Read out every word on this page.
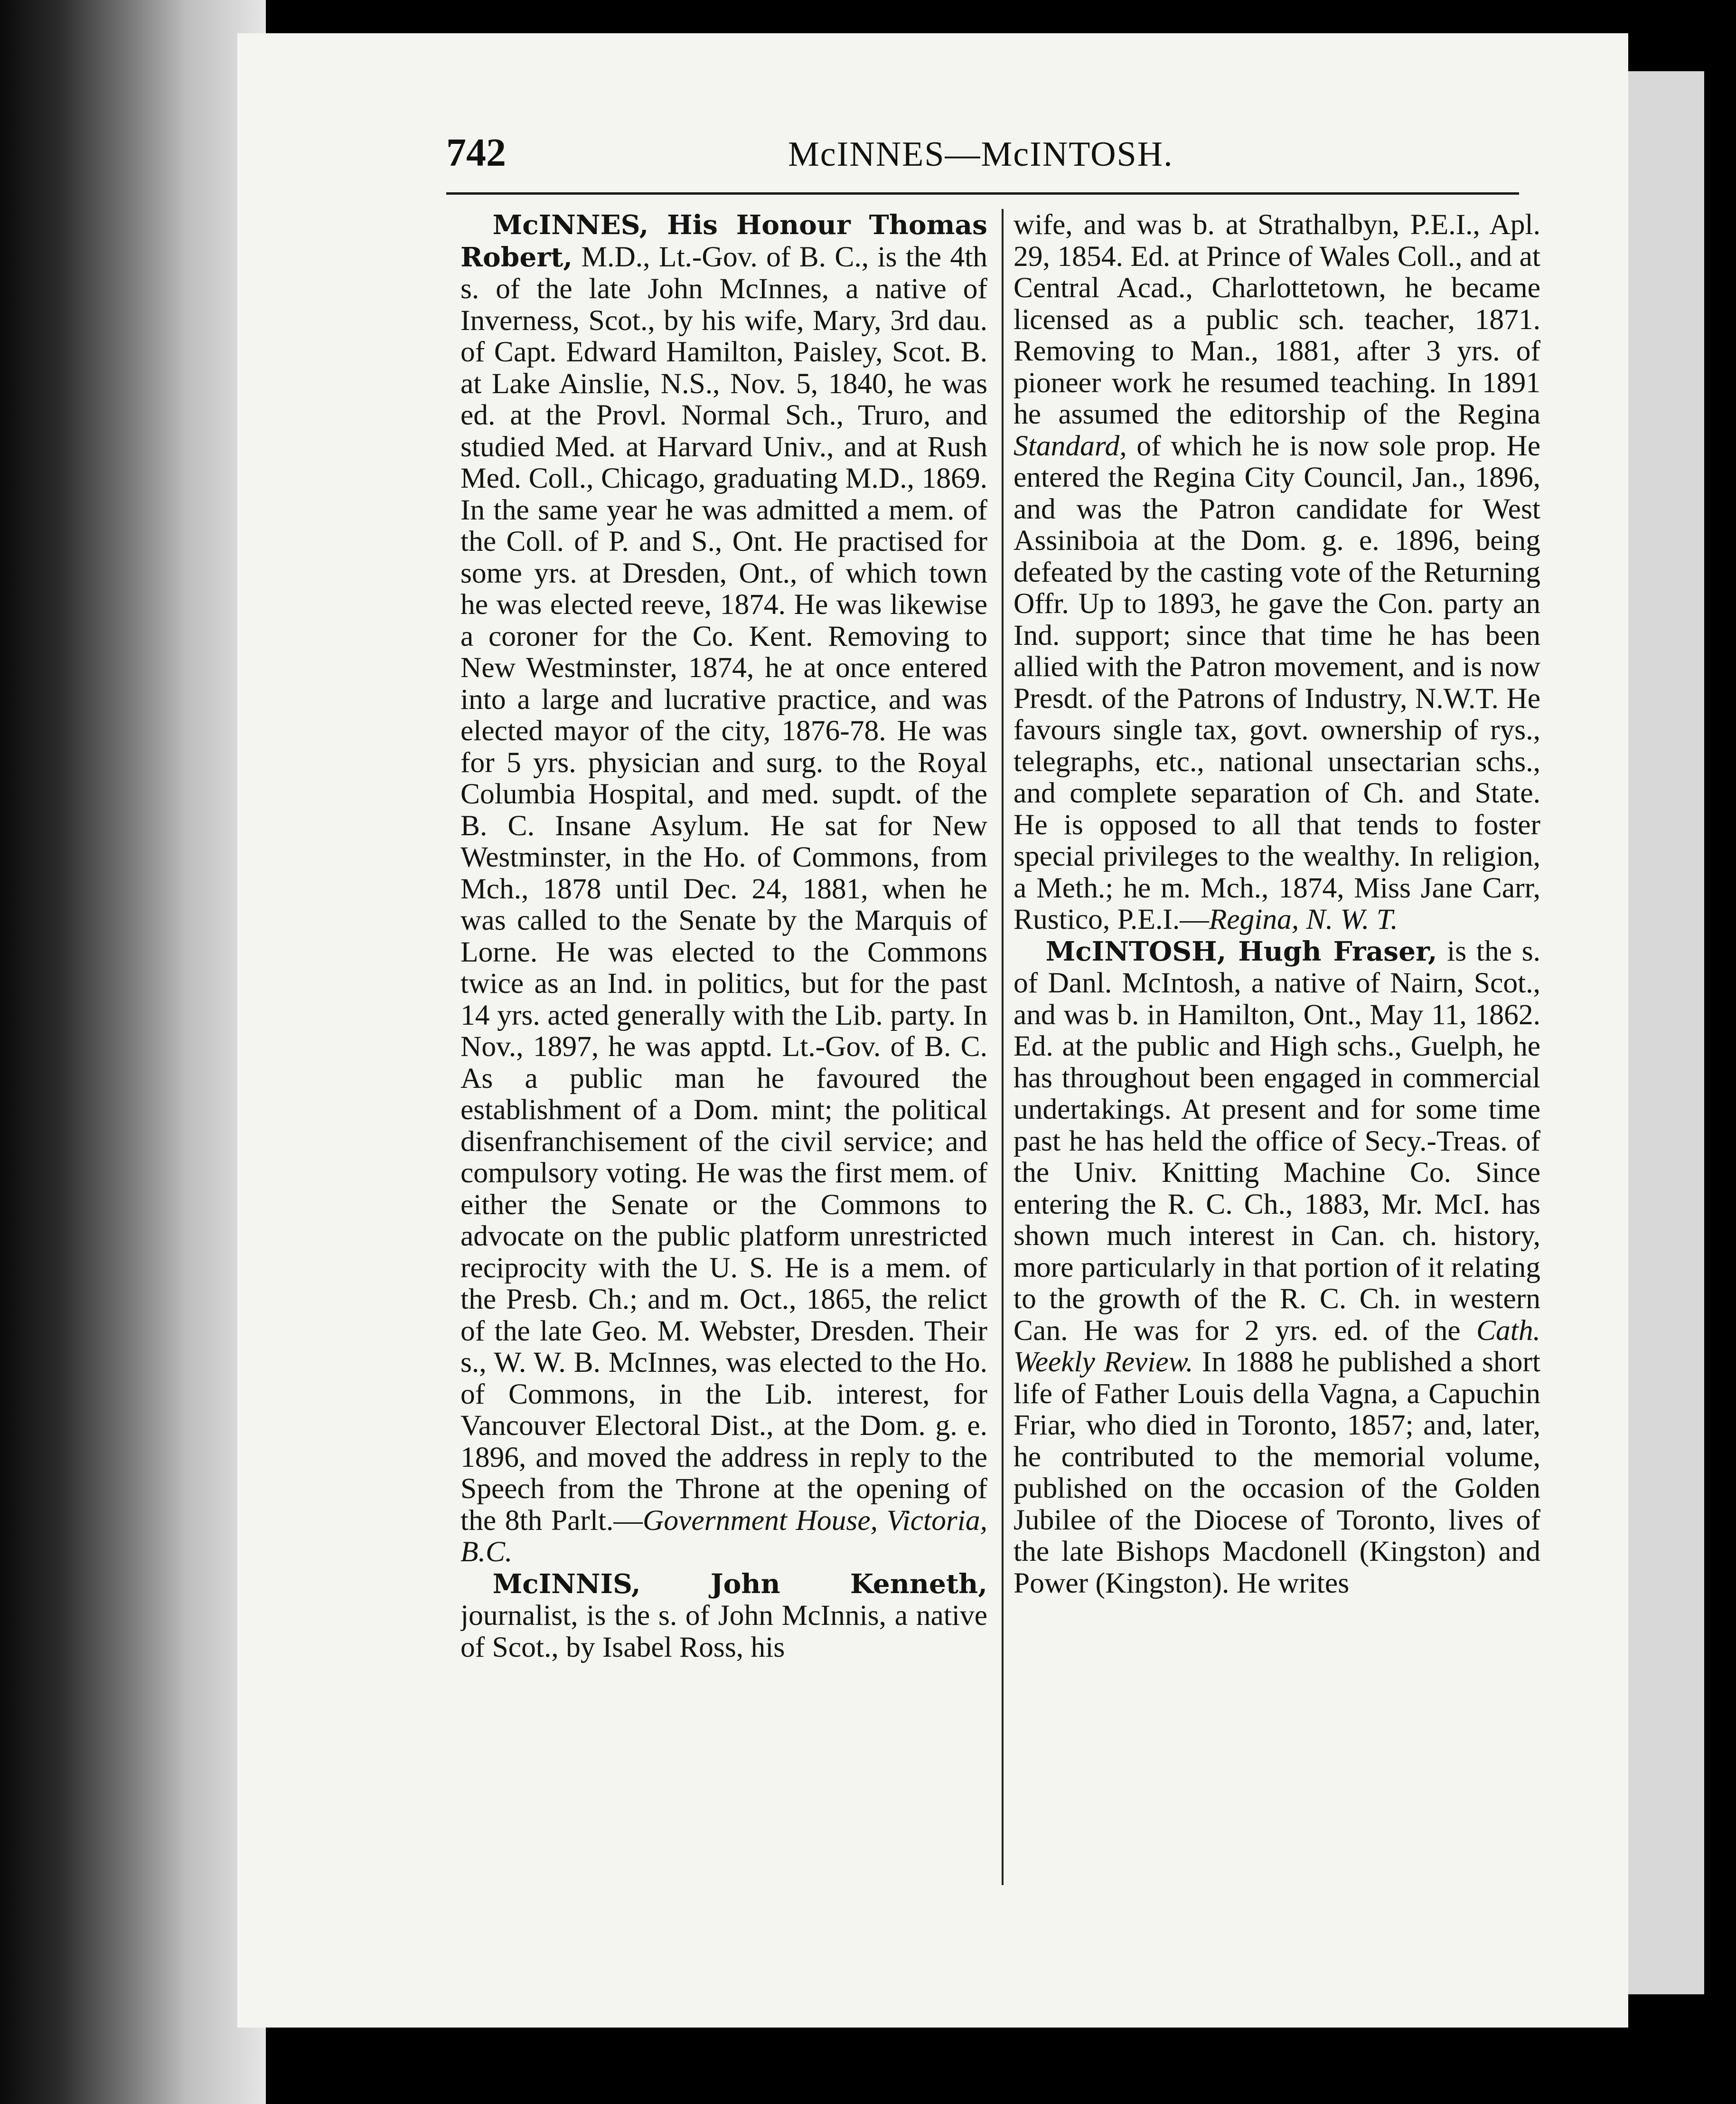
742	McINNES—McINTOSH.

McINNES, His Honour Thomas Robert, M.D., Lt.-Gov. of B. C., is the 4th s. of the late John McInnes, a native of Inverness, Scot., by his wife, Mary, 3rd dau. of Capt. Edward Hamilton, Paisley, Scot. B. at Lake Ainslie, N.S., Nov. 5, 1840, he was ed. at the Provl. Normal Sch., Truro, and studied Med. at Harvard Univ., and at Rush Med. Coll., Chicago, graduating M.D., 1869. In the same year he was admitted a mem. of the Coll. of P. and S., Ont. He practised for some yrs. at Dresden, Ont., of which town he was elected reeve, 1874. He was likewise a coroner for the Co. Kent. Removing to New Westminster, 1874, he at once entered into a large and lucrative practice, and was elected mayor of the city, 1876-78. He was for 5 yrs. physician and surg. to the Royal Columbia Hospital, and med. supdt. of the B. C. Insane Asylum. He sat for New Westminster, in the Ho. of Commons, from Mch., 1878 until Dec. 24, 1881, when he was called to the Senate by the Marquis of Lorne. He was elected to the Commons twice as an Ind. in politics, but for the past 14 yrs. acted generally with the Lib. party. In Nov., 1897, he was apptd. Lt.-Gov. of B. C. As a public man he favoured the establishment of a Dom. mint; the political disenfranchisement of the civil service; and compulsory voting. He was the first mem. of either the Senate or the Commons to advocate on the public platform unrestricted reciprocity with the U. S. He is a mem. of the Presb. Ch.; and m. Oct., 1865, the relict of the late Geo. M. Webster, Dresden. Their s., W. W. B. McInnes, was elected to the Ho. of Commons, in the Lib. interest, for Vancouver Electoral Dist., at the Dom. g. e. 1896, and moved the address in reply to the Speech from the Throne at the opening of the 8th Parlt.—Government House, Victoria, B.C.

McINNIS, John Kenneth, journalist, is the s. of John McInnis, a native of Scot., by Isabel Ross, his

wife, and was b. at Strathalbyn, P.E.I., Apl. 29, 1854. Ed. at Prince of Wales Coll., and at Central Acad., Charlottetown, he became licensed as a public sch. teacher, 1871. Removing to Man., 1881, after 3 yrs. of pioneer work he resumed teaching. In 1891 he assumed the editorship of the Regina Standard, of which he is now sole prop. He entered the Regina City Council, Jan., 1896, and was the Patron candidate for West Assiniboia at the Dom. g. e. 1896, being defeated by the casting vote of the Returning Offr. Up to 1893, he gave the Con. party an Ind. support; since that time he has been allied with the Patron movement, and is now Presdt. of the Patrons of Industry, N.W.T. He favours single tax, govt. ownership of rys., telegraphs, etc., national unsectarian schs., and complete separation of Ch. and State. He is opposed to all that tends to foster special privileges to the wealthy. In religion, a Meth.; he m. Mch., 1874, Miss Jane Carr, Rustico, P.E.I.—Regina, N. W. T.

McINTOSH, Hugh Fraser, is the s. of Danl. McIntosh, a native of Nairn, Scot., and was b. in Hamilton, Ont., May 11, 1862. Ed. at the public and High schs., Guelph, he has throughout been engaged in commercial undertakings. At present and for some time past he has held the office of Secy.-Treas. of the Univ. Knitting Machine Co. Since entering the R. C. Ch., 1883, Mr. McI. has shown much interest in Can. ch. history, more particularly in that portion of it relating to the growth of the R. C. Ch. in western Can. He was for 2 yrs. ed. of the Cath. Weekly Review. In 1888 he published a short life of Father Louis della Vagna, a Capuchin Friar, who died in Toronto, 1857; and, later, he contributed to the memorial volume, published on the occasion of the Golden Jubilee of the Diocese of Toronto, lives of the late Bishops Macdonell (Kingston) and Power (Kingston). He writes
